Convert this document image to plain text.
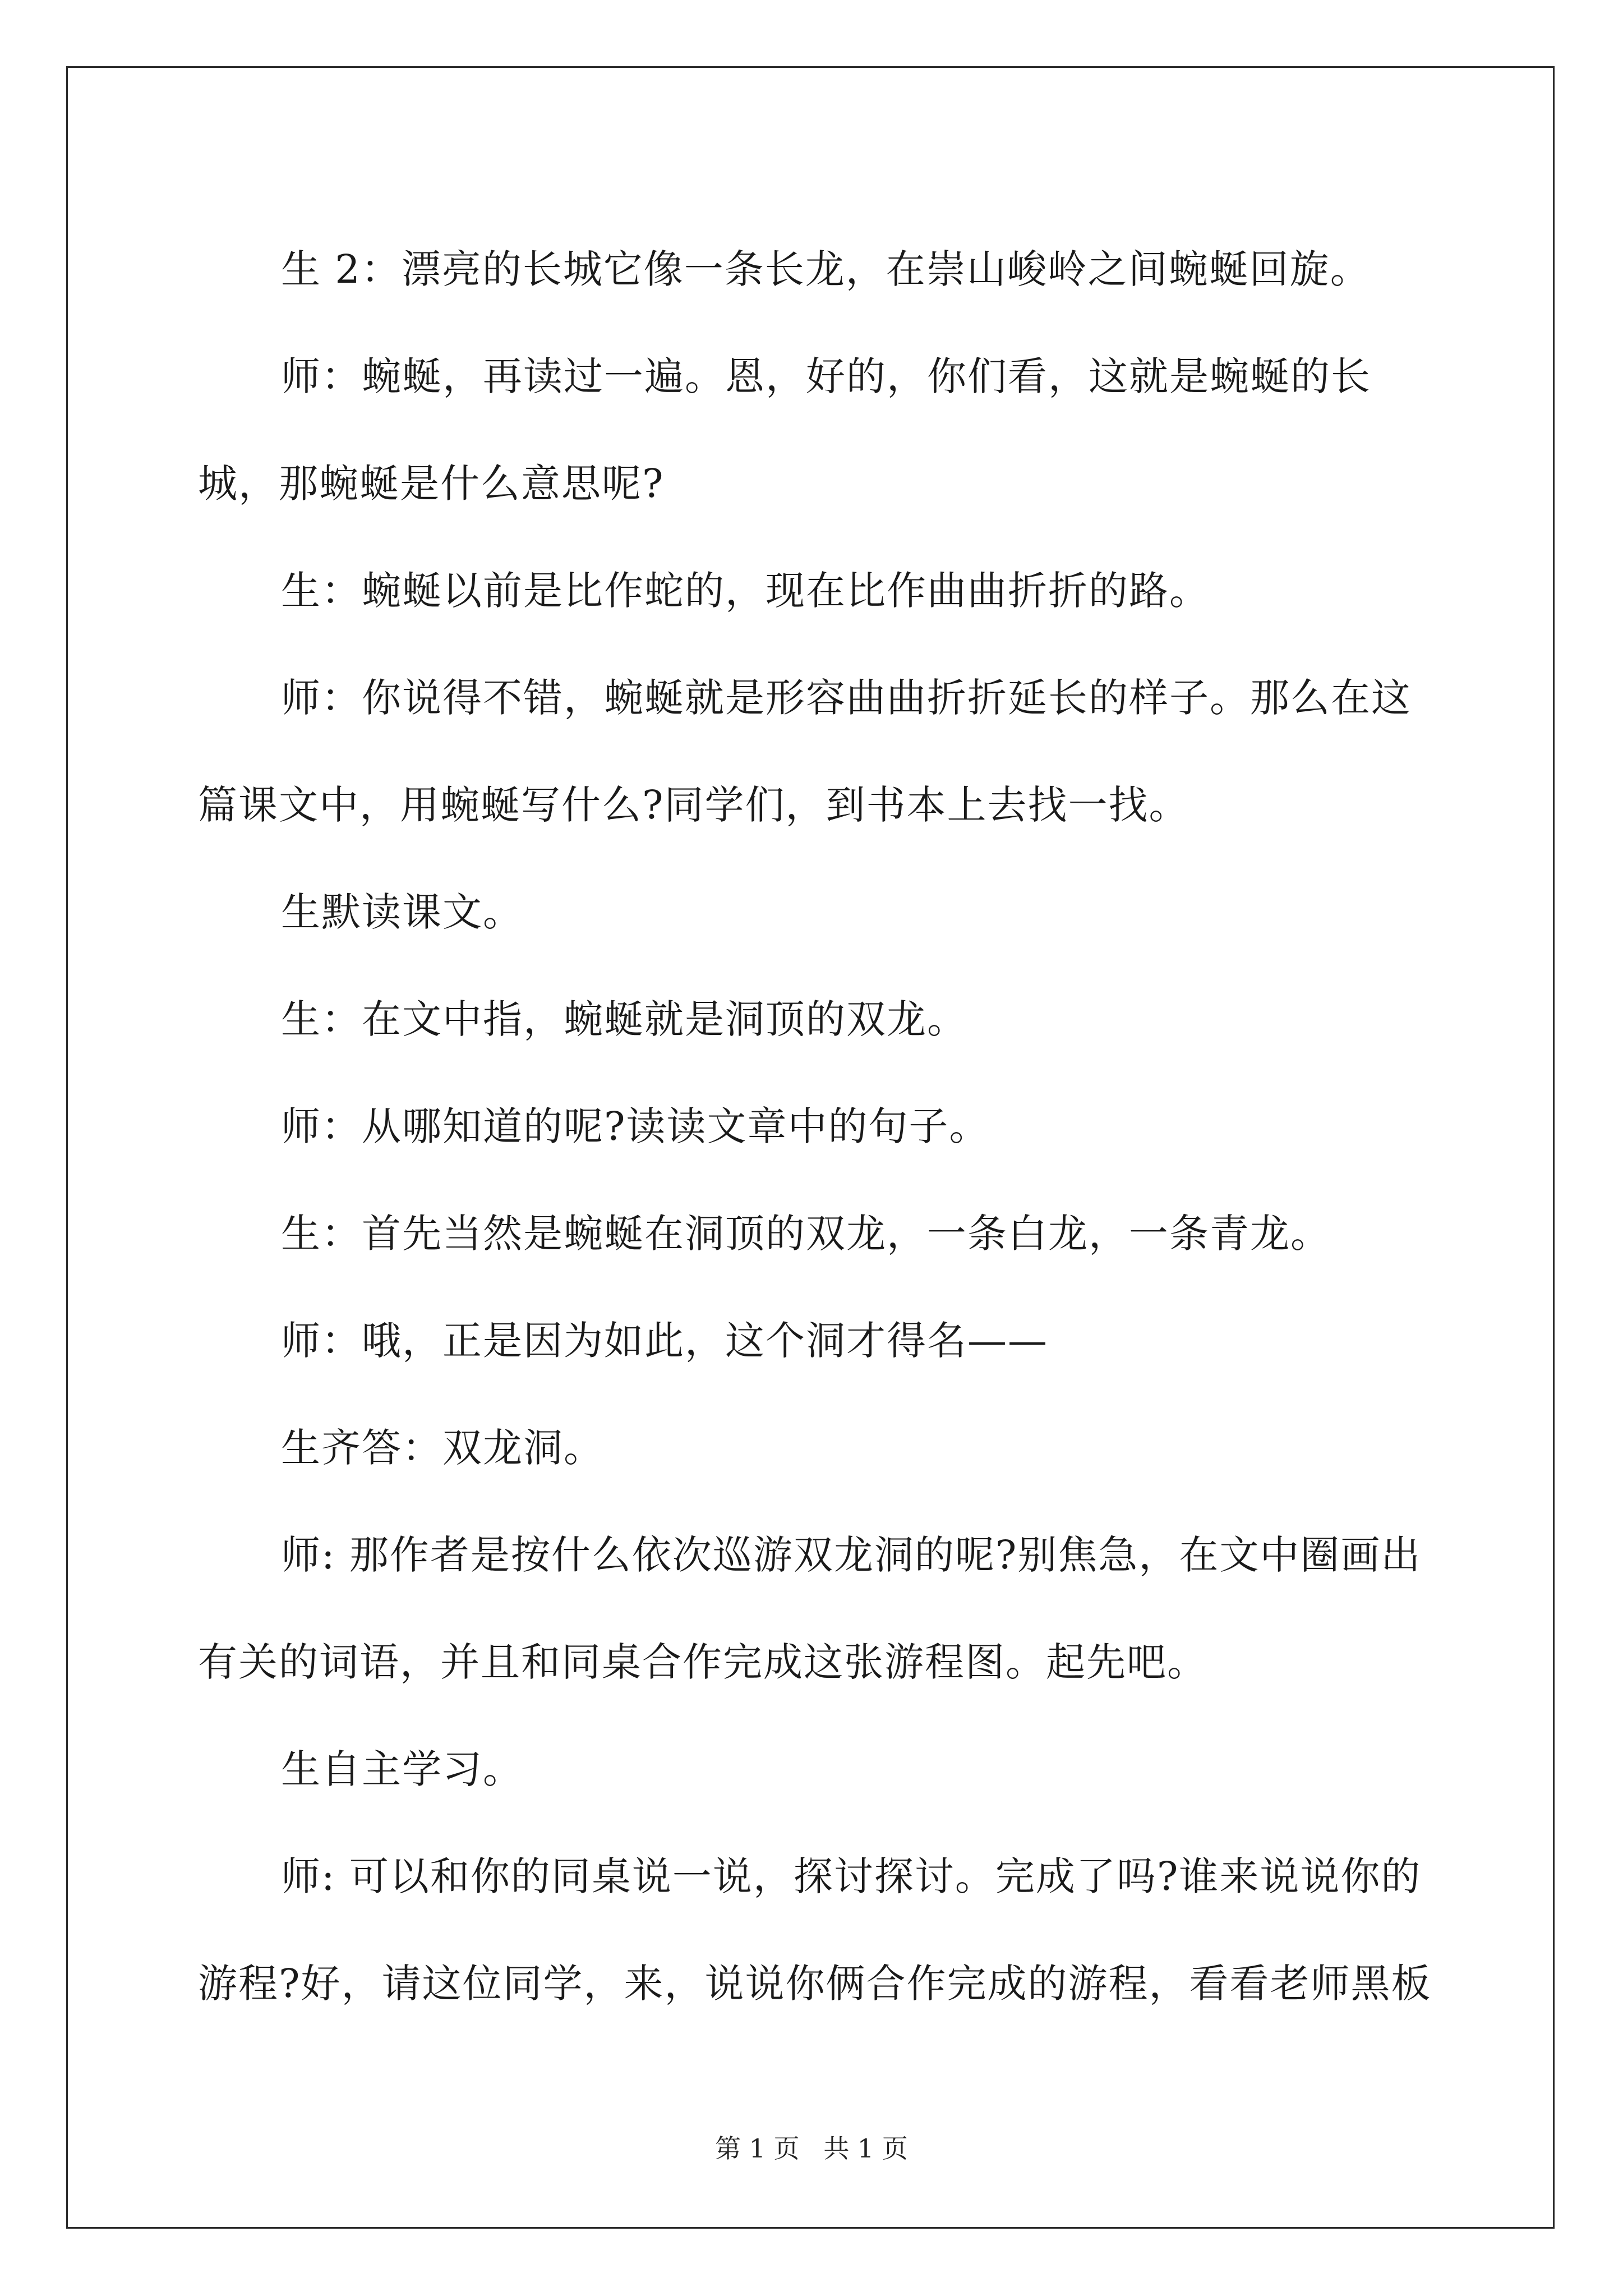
生 2：漂亮的长城它像一条长龙，在崇山峻岭之间蜿蜒回旋。

师：蜿蜒，再读过一遍。恩，好的，你们看，这就是蜿蜒的长城，那蜿蜒是什么意思呢?

生：蜿蜒以前是比作蛇的，现在比作曲曲折折的路。

师：你说得不错，蜿蜒就是形容曲曲折折延长的样子。那么在这篇课文中，用蜿蜒写什么?同学们，到书本上去找一找。

生默读课文。

生：在文中指，蜿蜒就是洞顶的双龙。

师：从哪知道的呢?读读文章中的句子。

生：首先当然是蜿蜒在洞顶的双龙，一条白龙，一条青龙。

师：哦，正是因为如此，这个洞才得名——

生齐答：双龙洞。

师: 那作者是按什么依次巡游双龙洞的呢?别焦急，在文中圈画出有关的词语，并且和同桌合作完成这张游程图。起先吧。

生自主学习。

师: 可以和你的同桌说一说，探讨探讨。完成了吗?谁来说说你的游程?好，请这位同学，来，说说你俩合作完成的游程，看看老师黑板

第 1 页 共 1 页
